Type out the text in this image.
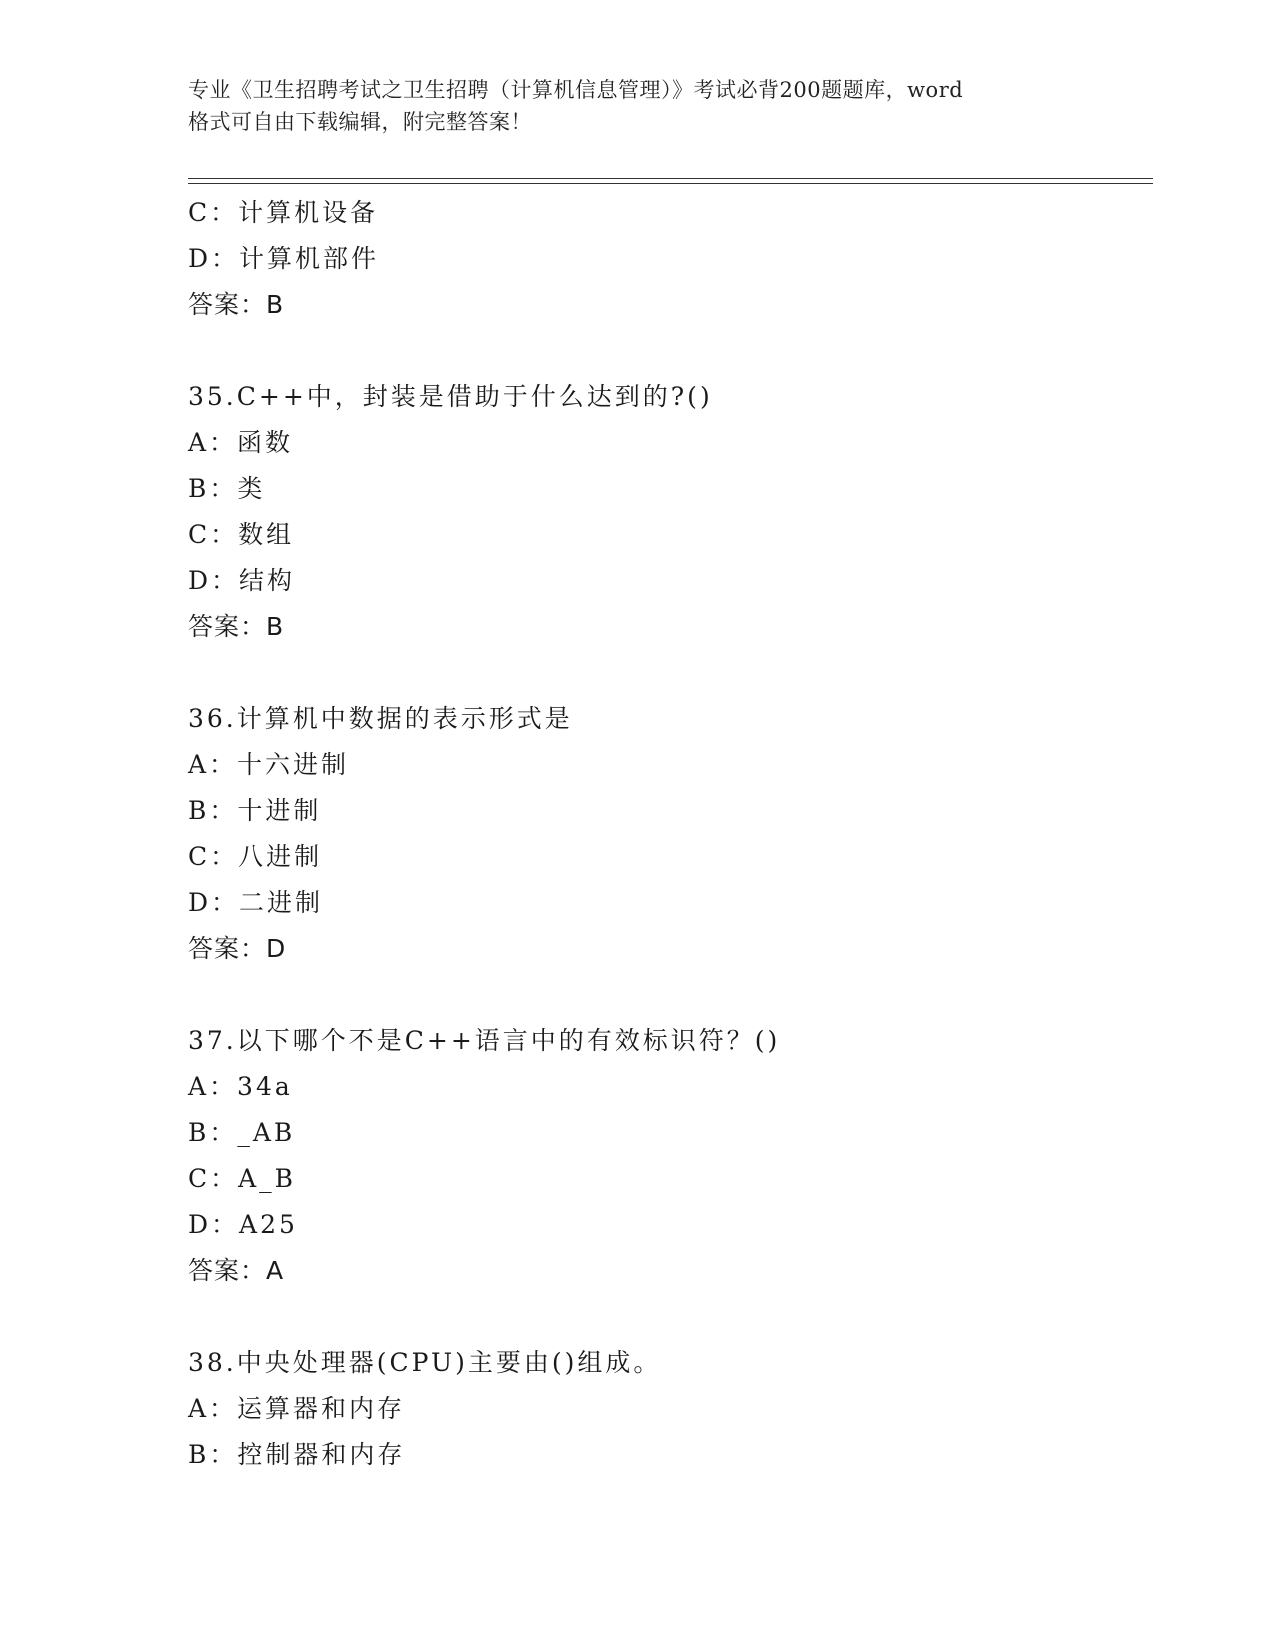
专业《卫生招聘考试之卫生招聘（计算机信息管理）》考试必背200题题库，word
格式可自由下载编辑，附完整答案！
C：计算机设备
D：计算机部件
答案：B
35.C++中，封装是借助于什么达到的?()
A：函数
B：类
C：数组
D：结构
答案：B
36.计算机中数据的表示形式是
A：十六进制
B：十进制
C：八进制
D：二进制
答案：D
37.以下哪个不是C++语言中的有效标识符？()
A：34a
B：_AB
C：A_B
D：A25
答案：A
38.中央处理器(CPU)主要由()组成。
A：运算器和内存
B：控制器和内存
